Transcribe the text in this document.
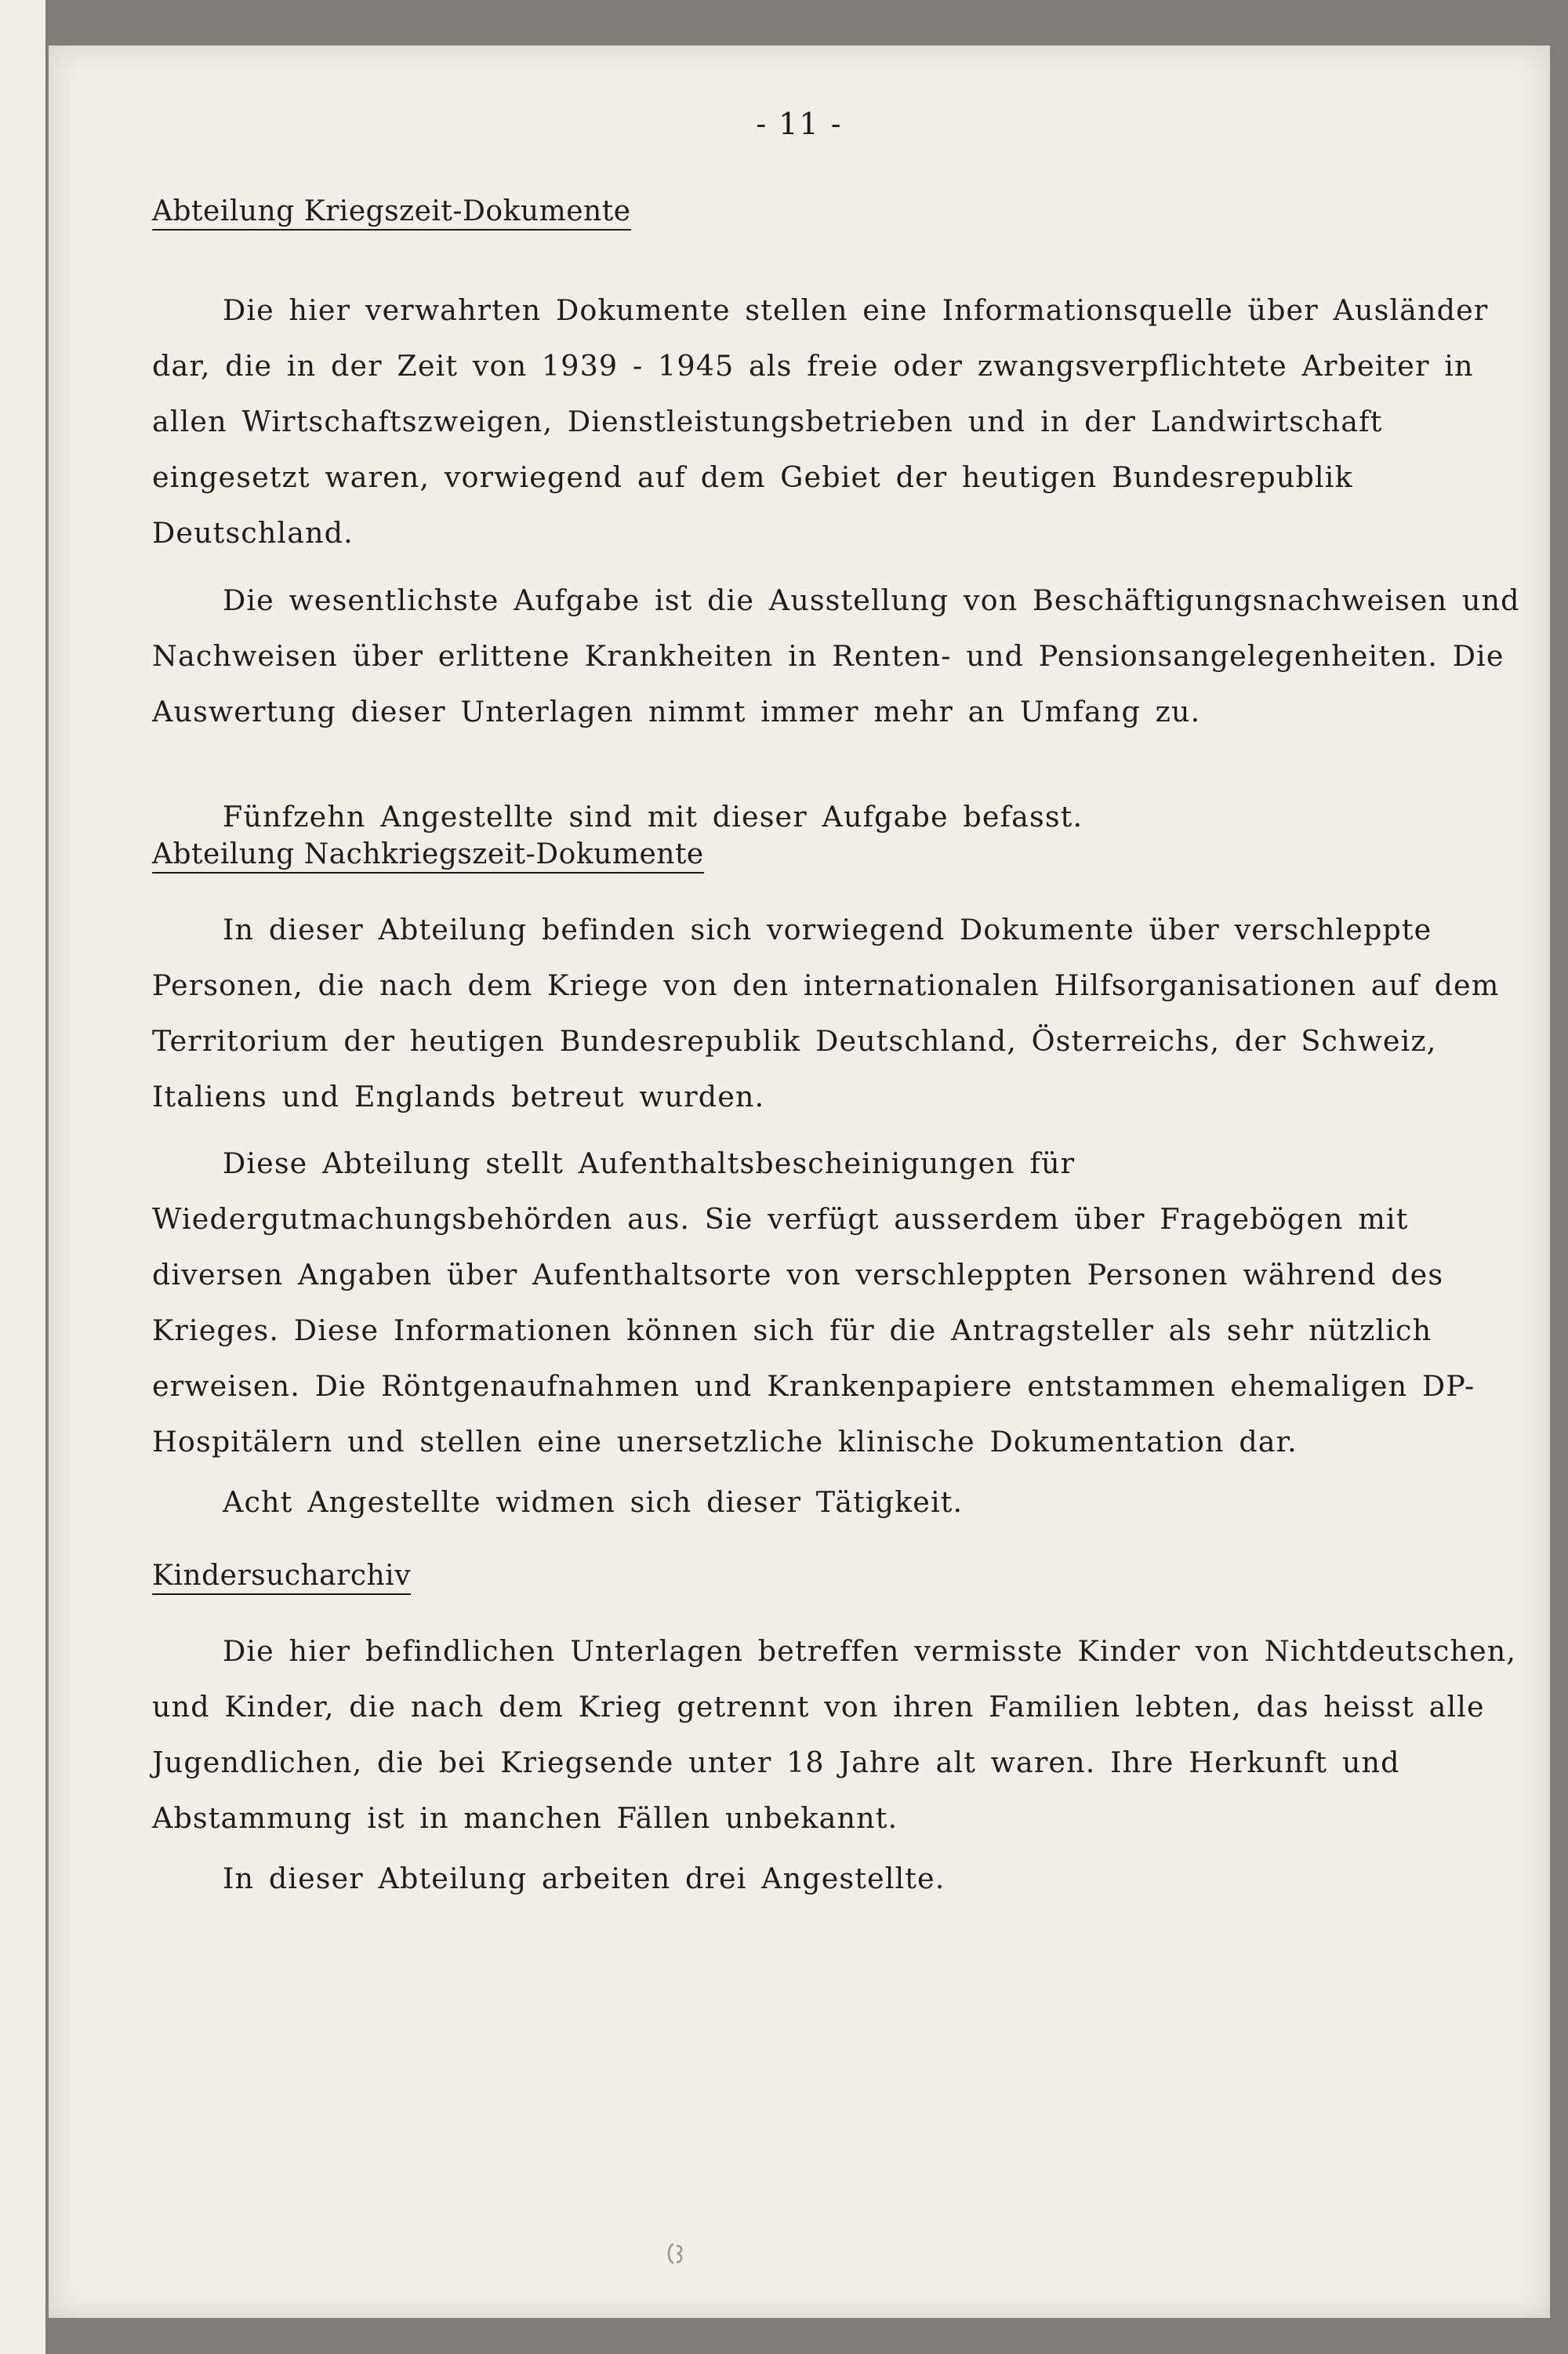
- 11 -
Abteilung Kriegszeit-Dokumente
Die hier verwahrten Dokumente stellen eine Informationsquelle über Ausländer dar, die in der Zeit von 1939 - 1945 als freie oder zwangsverpflichtete Arbeiter in allen Wirtschaftszweigen, Dienstleistungsbetrieben und in der Landwirtschaft eingesetzt waren, vorwiegend auf dem Gebiet der heutigen Bundesrepublik Deutschland.
Die wesentlichste Aufgabe ist die Ausstellung von Beschäftigungsnachweisen und Nachweisen über erlittene Krankheiten in Renten- und Pensionsangelegenheiten. Die Auswertung dieser Unterlagen nimmt immer mehr an Umfang zu.
Fünfzehn Angestellte sind mit dieser Aufgabe befasst.
Abteilung Nachkriegszeit-Dokumente
In dieser Abteilung befinden sich vorwiegend Dokumente über verschleppte Personen, die nach dem Kriege von den internationalen Hilfsorganisationen auf dem Territorium der heutigen Bundesrepublik Deutschland, Österreichs, der Schweiz, Italiens und Englands betreut wurden.
Diese Abteilung stellt Aufenthaltsbescheinigungen für Wiedergutmachungsbehörden aus. Sie verfügt ausserdem über Fragebögen mit diversen Angaben über Aufenthaltsorte von verschleppten Personen während des Krieges. Diese Informationen können sich für die Antragsteller als sehr nützlich erweisen. Die Röntgenaufnahmen und Krankenpapiere entstammen ehemaligen DP-Hospitälern und stellen eine unersetzliche klinische Dokumentation dar.
Acht Angestellte widmen sich dieser Tätigkeit.
Kindersucharchiv
Die hier befindlichen Unterlagen betreffen vermisste Kinder von Nichtdeutschen, und Kinder, die nach dem Krieg getrennt von ihren Familien lebten, das heisst alle Jugendlichen, die bei Kriegsende unter 18 Jahre alt waren. Ihre Herkunft und Abstammung ist in manchen Fällen unbekannt.
In dieser Abteilung arbeiten drei Angestellte.
